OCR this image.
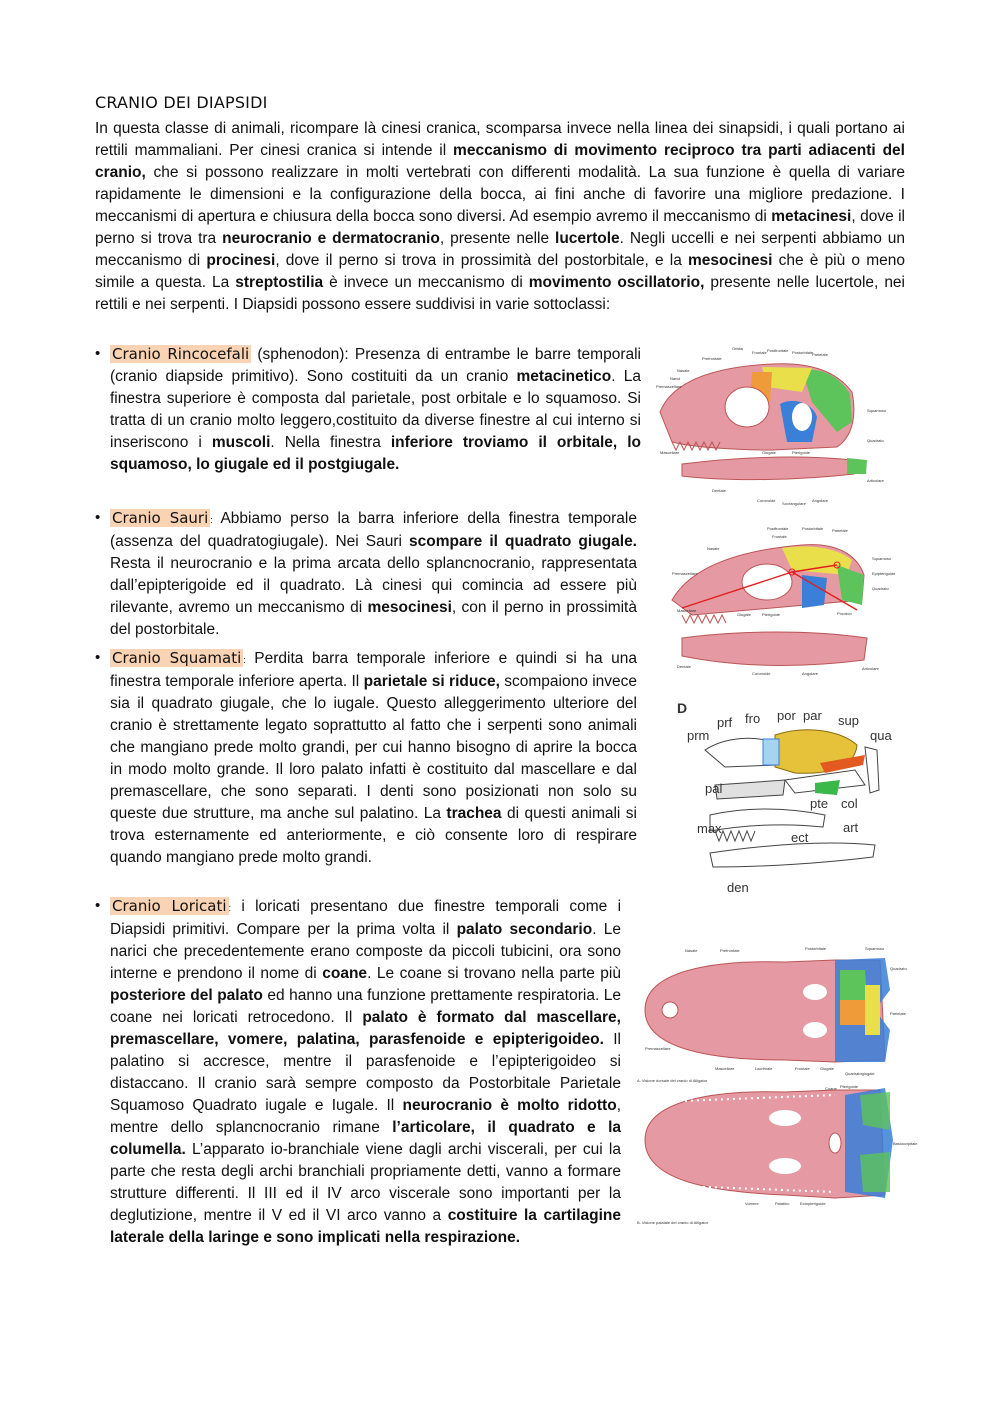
CRANIO DEI DIAPSIDI

In questa classe di animali, ricompare là cinesi cranica, scomparsa invece nella linea dei sinapsidi, i quali portano ai rettili mammaliani. Per cinesi cranica si intende il meccanismo di movimento reciproco tra parti adiacenti del cranio, che si possono realizzare in molti vertebrati con differenti modalità. La sua funzione è quella di variare rapidamente le dimensioni e la configurazione della bocca, ai fini anche di favorire una migliore predazione. I meccanismi di apertura e chiusura della bocca sono diversi. Ad esempio avremo il meccanismo di metacinesi, dove il perno si trova tra neurocranio e dermatocranio, presente nelle lucertole. Negli uccelli e nei serpenti abbiamo un meccanismo di procinesi, dove il perno si trova in prossimità del postorbitale, e la mesocinesi che è più o meno simile a questa. La streptostilia è invece un meccanismo di movimento oscillatorio, presente nelle lucertole, nei rettili e nei serpenti. I Diapsidi possono essere suddivisi in varie sottoclassi:

• Cranio Rincocefali (sphenodon): Presenza di entrambe le barre temporali (cranio diapside primitivo). Sono costituiti da un cranio metacinetico. La finestra superiore è composta dal parietale, post orbitale e lo squamoso. Si tratta di un cranio molto leggero,costituito da diverse finestre al cui interno si inseriscono i muscoli. Nella finestra inferiore troviamo il orbitale, lo squamoso, lo giugale ed il postgiugale.
• Cranio Sauri : Abbiamo perso la barra inferiore della finestra temporale (assenza del quadratogiugale). Nei Sauri scompare il quadrato giugale. Resta il neurocranio e la prima arcata dello splancnocranio, rappresentata dall’epipterigoide ed il quadrato. Là cinesi qui comincia ad essere più rilevante, avremo un meccanismo di mesocinesi, con il perno in prossimità del postorbitale.
• Cranio Squamati : Perdita barra temporale inferiore e quindi si ha una finestra temporale inferiore aperta. Il parietale si riduce, scompaiono invece sia il quadrato giugale, che lo iugale. Questo alleggerimento ulteriore del cranio è strettamente legato soprattutto al fatto che i serpenti sono animali che mangiano prede molto grandi, per cui hanno bisogno di aprire la bocca in modo molto grande. Il loro palato infatti è costituito dal mascellare e dal premascellare, che sono separati. I denti sono posizionati non solo su queste due strutture, ma anche sul palatino. La trachea di questi animali si trova esternamente ed anteriormente, e ciò consente loro di respirare quando mangiano prede molto grandi.
• Cranio Loricati : i loricati presentano due finestre temporali come i Diapsidi primitivi. Compare per la prima volta il palato secondario. Le narici che precedentemente erano composte da piccoli tubicini, ora sono interne e prendono il nome di coane. Le coane si trovano nella parte più posteriore del palato ed hanno una funzione prettamente respiratoria. Le coane nei loricati retrocedono. Il palato è formato dal mascellare, premascellare, vomere, palatina, parasfenoide e epipterigoideo. Il palatino si accresce, mentre il parasfenoide e l’epipterigoideo si distaccano. Il cranio sarà sempre composto da Postorbitale Parietale Squamoso Quadrato iugale e Iugale. Il neurocranio è molto ridotto, mentre dello splancnocranio rimane l’articolare, il quadrato e la columella. L’apparato io-branchiale viene dagli archi viscerali, per cui la parte che resta degli archi branchiali propriamente detti, vanno a formare strutture differenti. Il III ed il IV arco viscerale sono importanti per la deglutizione, mentre il V ed il VI arco vanno a costituire la cartilagine laterale della laringe e sono implicati nella respirazione.
Orbita
Frontale Postfrontale Postorbitale
Parietale
Prefrontale
Nasale
Narici
Premascellare
Mascellare	Giugale	Pterigoide
Squamoso
Quadrato
Articolare
Dentale
Coronoide
Sovrangolare
Angolare
Postfrontale
Frontale
Postorbitale Parietale
Nasale
Squamoso
Premascellare	Epipterigoide
Quadrato
Mascellare
Giugale	Pterigoide	Prootico
Articolare
Dentale
Coronoide	Angolare
D
prm
prf fro por par sup
qua
pal
pte col
max
ect
art
den
Nasale	Prefrontale
Lacrimale
Premascellare
Mascellare	Frontale
Postorbitale	Squamoso
Quadrato
Parietale
Giugale
Quadratogiugale
Coane Pterigoide
Basioccipitale
Palatino
Vomere	Ectopterigoide
A. Visione dorsale del cranio di Alligator
B. Visione palatale del cranio di Alligator
